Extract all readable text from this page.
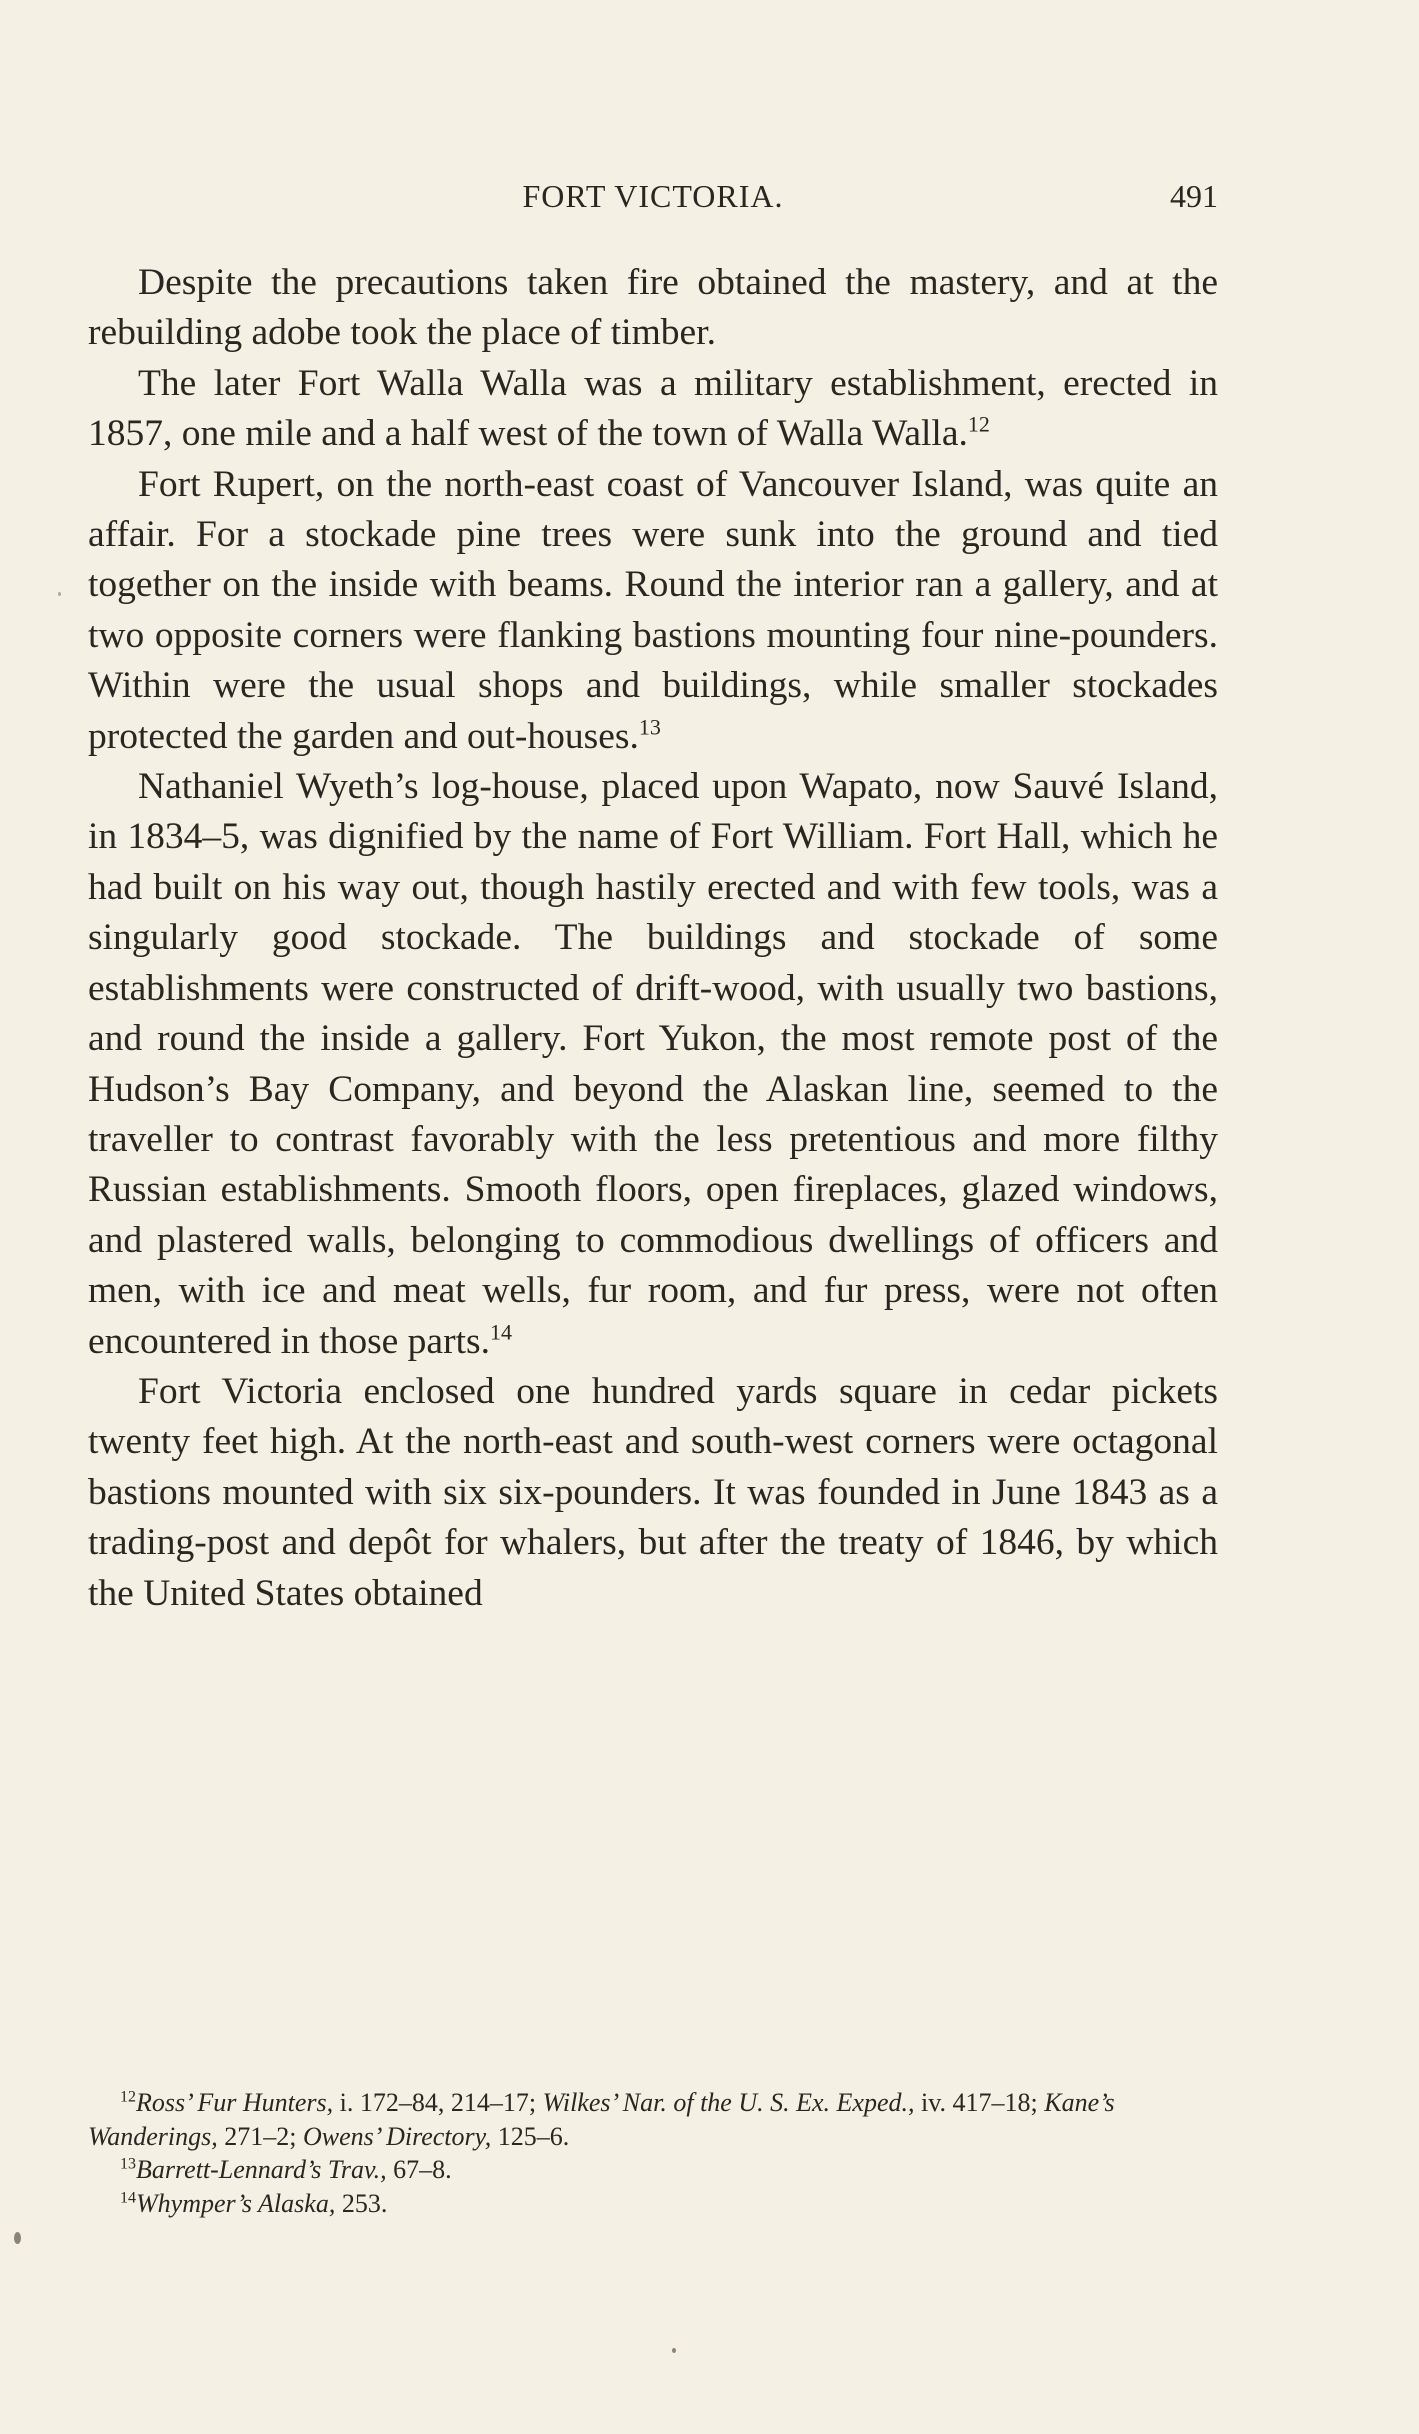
FORT VICTORIA.	491

Despite the precautions taken fire obtained the mastery, and at the rebuilding adobe took the place of timber.

The later Fort Walla Walla was a military establishment, erected in 1857, one mile and a half west of the town of Walla Walla.$^{12}$

Fort Rupert, on the north-east coast of Vancouver Island, was quite an affair. For a stockade pine trees were sunk into the ground and tied together on the inside with beams. Round the interior ran a gallery, and at two opposite corners were flanking bastions mounting four nine-pounders. Within were the usual shops and buildings, while smaller stockades protected the garden and out-houses.$^{13}$

Nathaniel Wyeth’s log-house, placed upon Wapato, now Sauvé Island, in 1834–5, was dignified by the name of Fort William. Fort Hall, which he had built on his way out, though hastily erected and with few tools, was a singularly good stockade. The buildings and stockade of some establishments were constructed of drift-wood, with usually two bastions, and round the inside a gallery. Fort Yukon, the most remote post of the Hudson’s Bay Company, and beyond the Alaskan line, seemed to the traveller to contrast favorably with the less pretentious and more filthy Russian establishments. Smooth floors, open fireplaces, glazed windows, and plastered walls, belonging to commodious dwellings of officers and men, with ice and meat wells, fur room, and fur press, were not often encountered in those parts.$^{14}$

Fort Victoria enclosed one hundred yards square in cedar pickets twenty feet high. At the north-east and south-west corners were octagonal bastions mounted with six six-pounders. It was founded in June 1843 as a trading-post and depôt for whalers, but after the treaty of 1846, by which the United States obtained

$^{12}$Ross’ Fur Hunters, i. 172–84, 214–17; Wilkes’ Nar. of the U. S. Ex. Exped., iv. 417–18; Kane’s Wanderings, 271–2; Owens’ Directory, 125–6.

$^{13}$Barrett-Lennard’s Trav., 67–8.

$^{14}$Whymper’s Alaska, 253.
